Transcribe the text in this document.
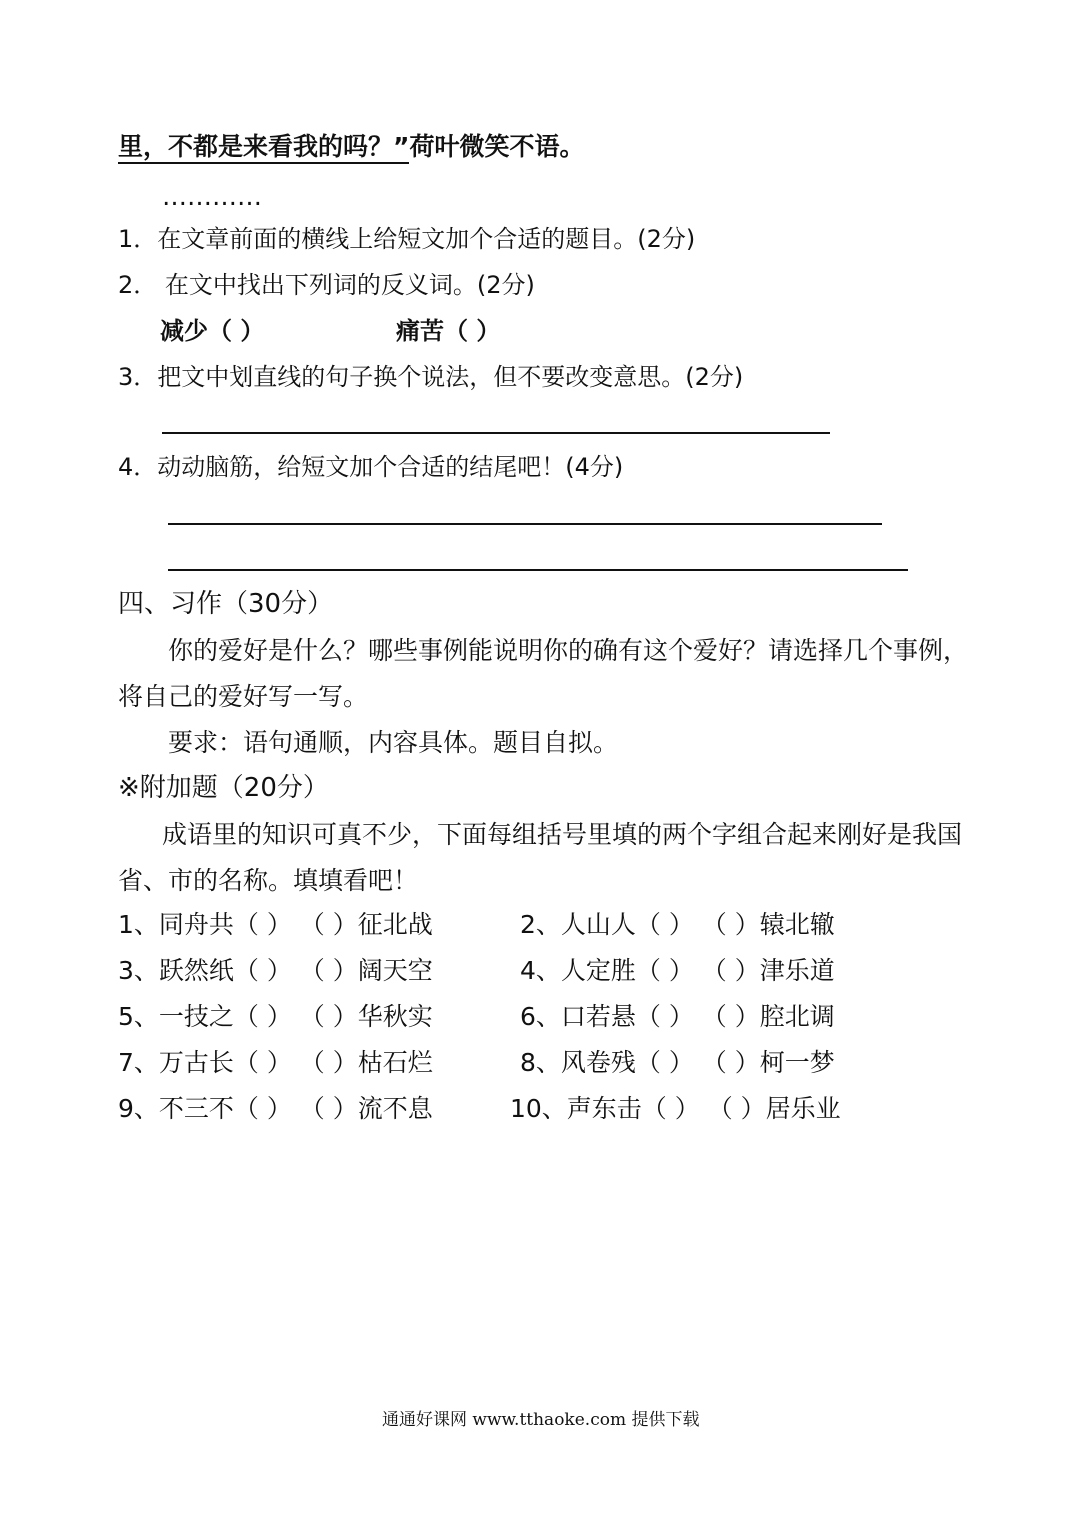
里，不都是来看我的吗？”荷叶微笑不语。
…………
1．在文章前面的横线上给短文加个合适的题目。(2分)
2． 在文中找出下列词的反义词。(2分)
减少（ ）	痛苦（ ）
3．把文中划直线的句子换个说法，但不要改变意思。(2分)
4．动动脑筋，给短文加个合适的结尾吧！(4分)
四、习作（30分）
你的爱好是什么？哪些事例能说明你的确有这个爱好？请选择几个事例，
将自己的爱好写一写。
要求：语句通顺，内容具体。题目自拟。
※附加题（20分）
成语里的知识可真不少，下面每组括号里填的两个字组合起来刚好是我国
省、市的名称。填填看吧！
1、同舟共（ ） （ ）征北战	2、人山人（ ） （ ）辕北辙
3、跃然纸（ ） （ ）阔天空	4、人定胜（ ） （ ）津乐道
5、一技之（ ） （ ）华秋实	6、口若悬（ ） （ ）腔北调
7、万古长（ ） （ ）枯石烂	8、风卷残（ ） （ ）柯一梦
9、不三不（ ） （ ）流不息	10、声东击（ ） （ ）居乐业
通通好课网 www.tthaoke.com 提供下载
